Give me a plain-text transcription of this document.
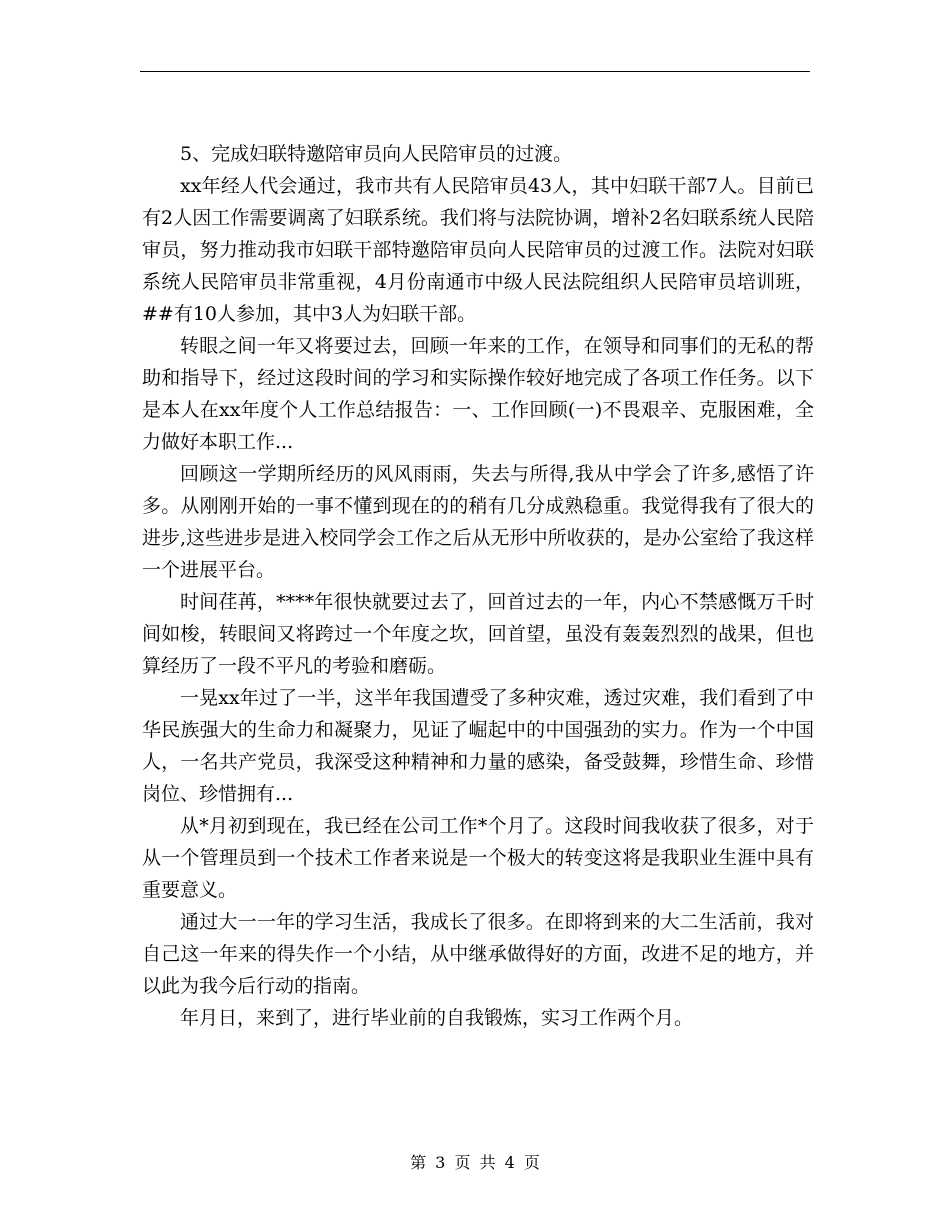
5、完成妇联特邀陪审员向人民陪审员的过渡。

xx年经人代会通过，我市共有人民陪审员43人，其中妇联干部7人。目前已有2人因工作需要调离了妇联系统。我们将与法院协调，增补2名妇联系统人民陪审员，努力推动我市妇联干部特邀陪审员向人民陪审员的过渡工作。法院对妇联系统人民陪审员非常重视，4月份南通市中级人民法院组织人民陪审员培训班，##有10人参加，其中3人为妇联干部。

转眼之间一年又将要过去，回顾一年来的工作，在领导和同事们的无私的帮助和指导下，经过这段时间的学习和实际操作较好地完成了各项工作任务。以下是本人在xx年度个人工作总结报告：一、工作回顾(一)不畏艰辛、克服困难，全力做好本职工作...

回顾这一学期所经历的风风雨雨，失去与所得,我从中学会了许多,感悟了许多。从刚刚开始的一事不懂到现在的的稍有几分成熟稳重。我觉得我有了很大的进步,这些进步是进入校同学会工作之后从无形中所收获的，是办公室给了我这样一个进展平台。

时间荏苒，****年很快就要过去了，回首过去的一年，内心不禁感慨万千时间如梭，转眼间又将跨过一个年度之坎，回首望，虽没有轰轰烈烈的战果，但也算经历了一段不平凡的考验和磨砺。

一晃xx年过了一半，这半年我国遭受了多种灾难，透过灾难，我们看到了中华民族强大的生命力和凝聚力，见证了崛起中的中国强劲的实力。作为一个中国人，一名共产党员，我深受这种精神和力量的感染，备受鼓舞，珍惜生命、珍惜岗位、珍惜拥有...

从*月初到现在，我已经在公司工作*个月了。这段时间我收获了很多，对于从一个管理员到一个技术工作者来说是一个极大的转变这将是我职业生涯中具有重要意义。

通过大一一年的学习生活，我成长了很多。在即将到来的大二生活前，我对自己这一年来的得失作一个小结，从中继承做得好的方面，改进不足的地方，并以此为我今后行动的指南。

年月日，来到了，进行毕业前的自我锻炼，实习工作两个月。

第 3 页 共 4 页
